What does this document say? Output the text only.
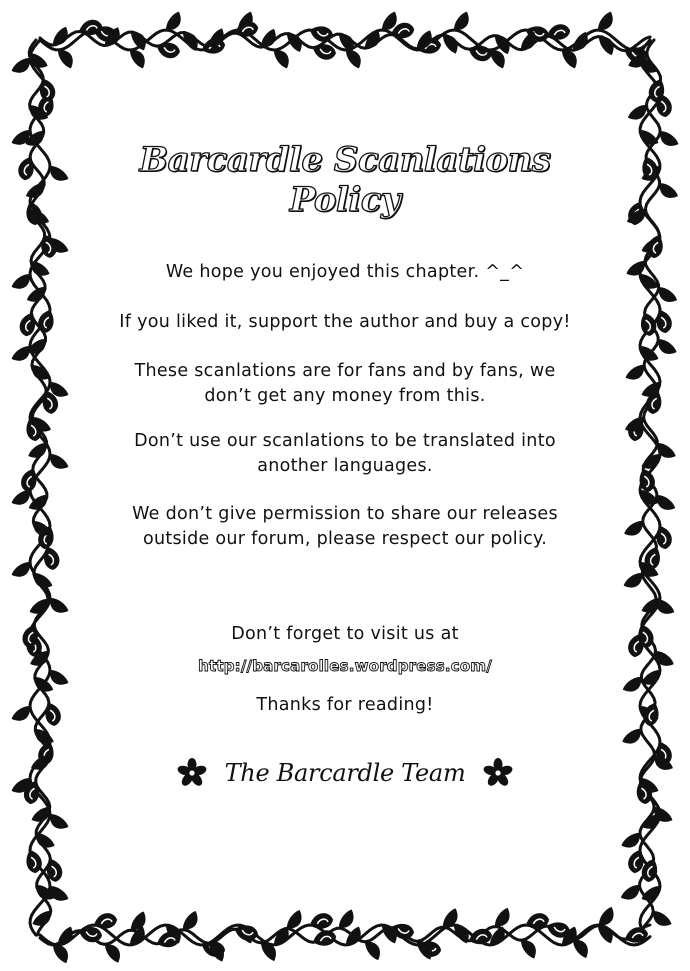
Barcardle Scanlations Policy
We hope you enjoyed this chapter. ^_^
If you liked it, support the author and buy a copy!
These scanlations are for fans and by fans, we
don’t get any money from this.
Don’t use our scanlations to be translated into
another languages.
We don’t give permission to share our releases
outside our forum, please respect our policy.
Don’t forget to visit us at
http://barcarolles.wordpress.com/
Thanks for reading!
The Barcardle Team
